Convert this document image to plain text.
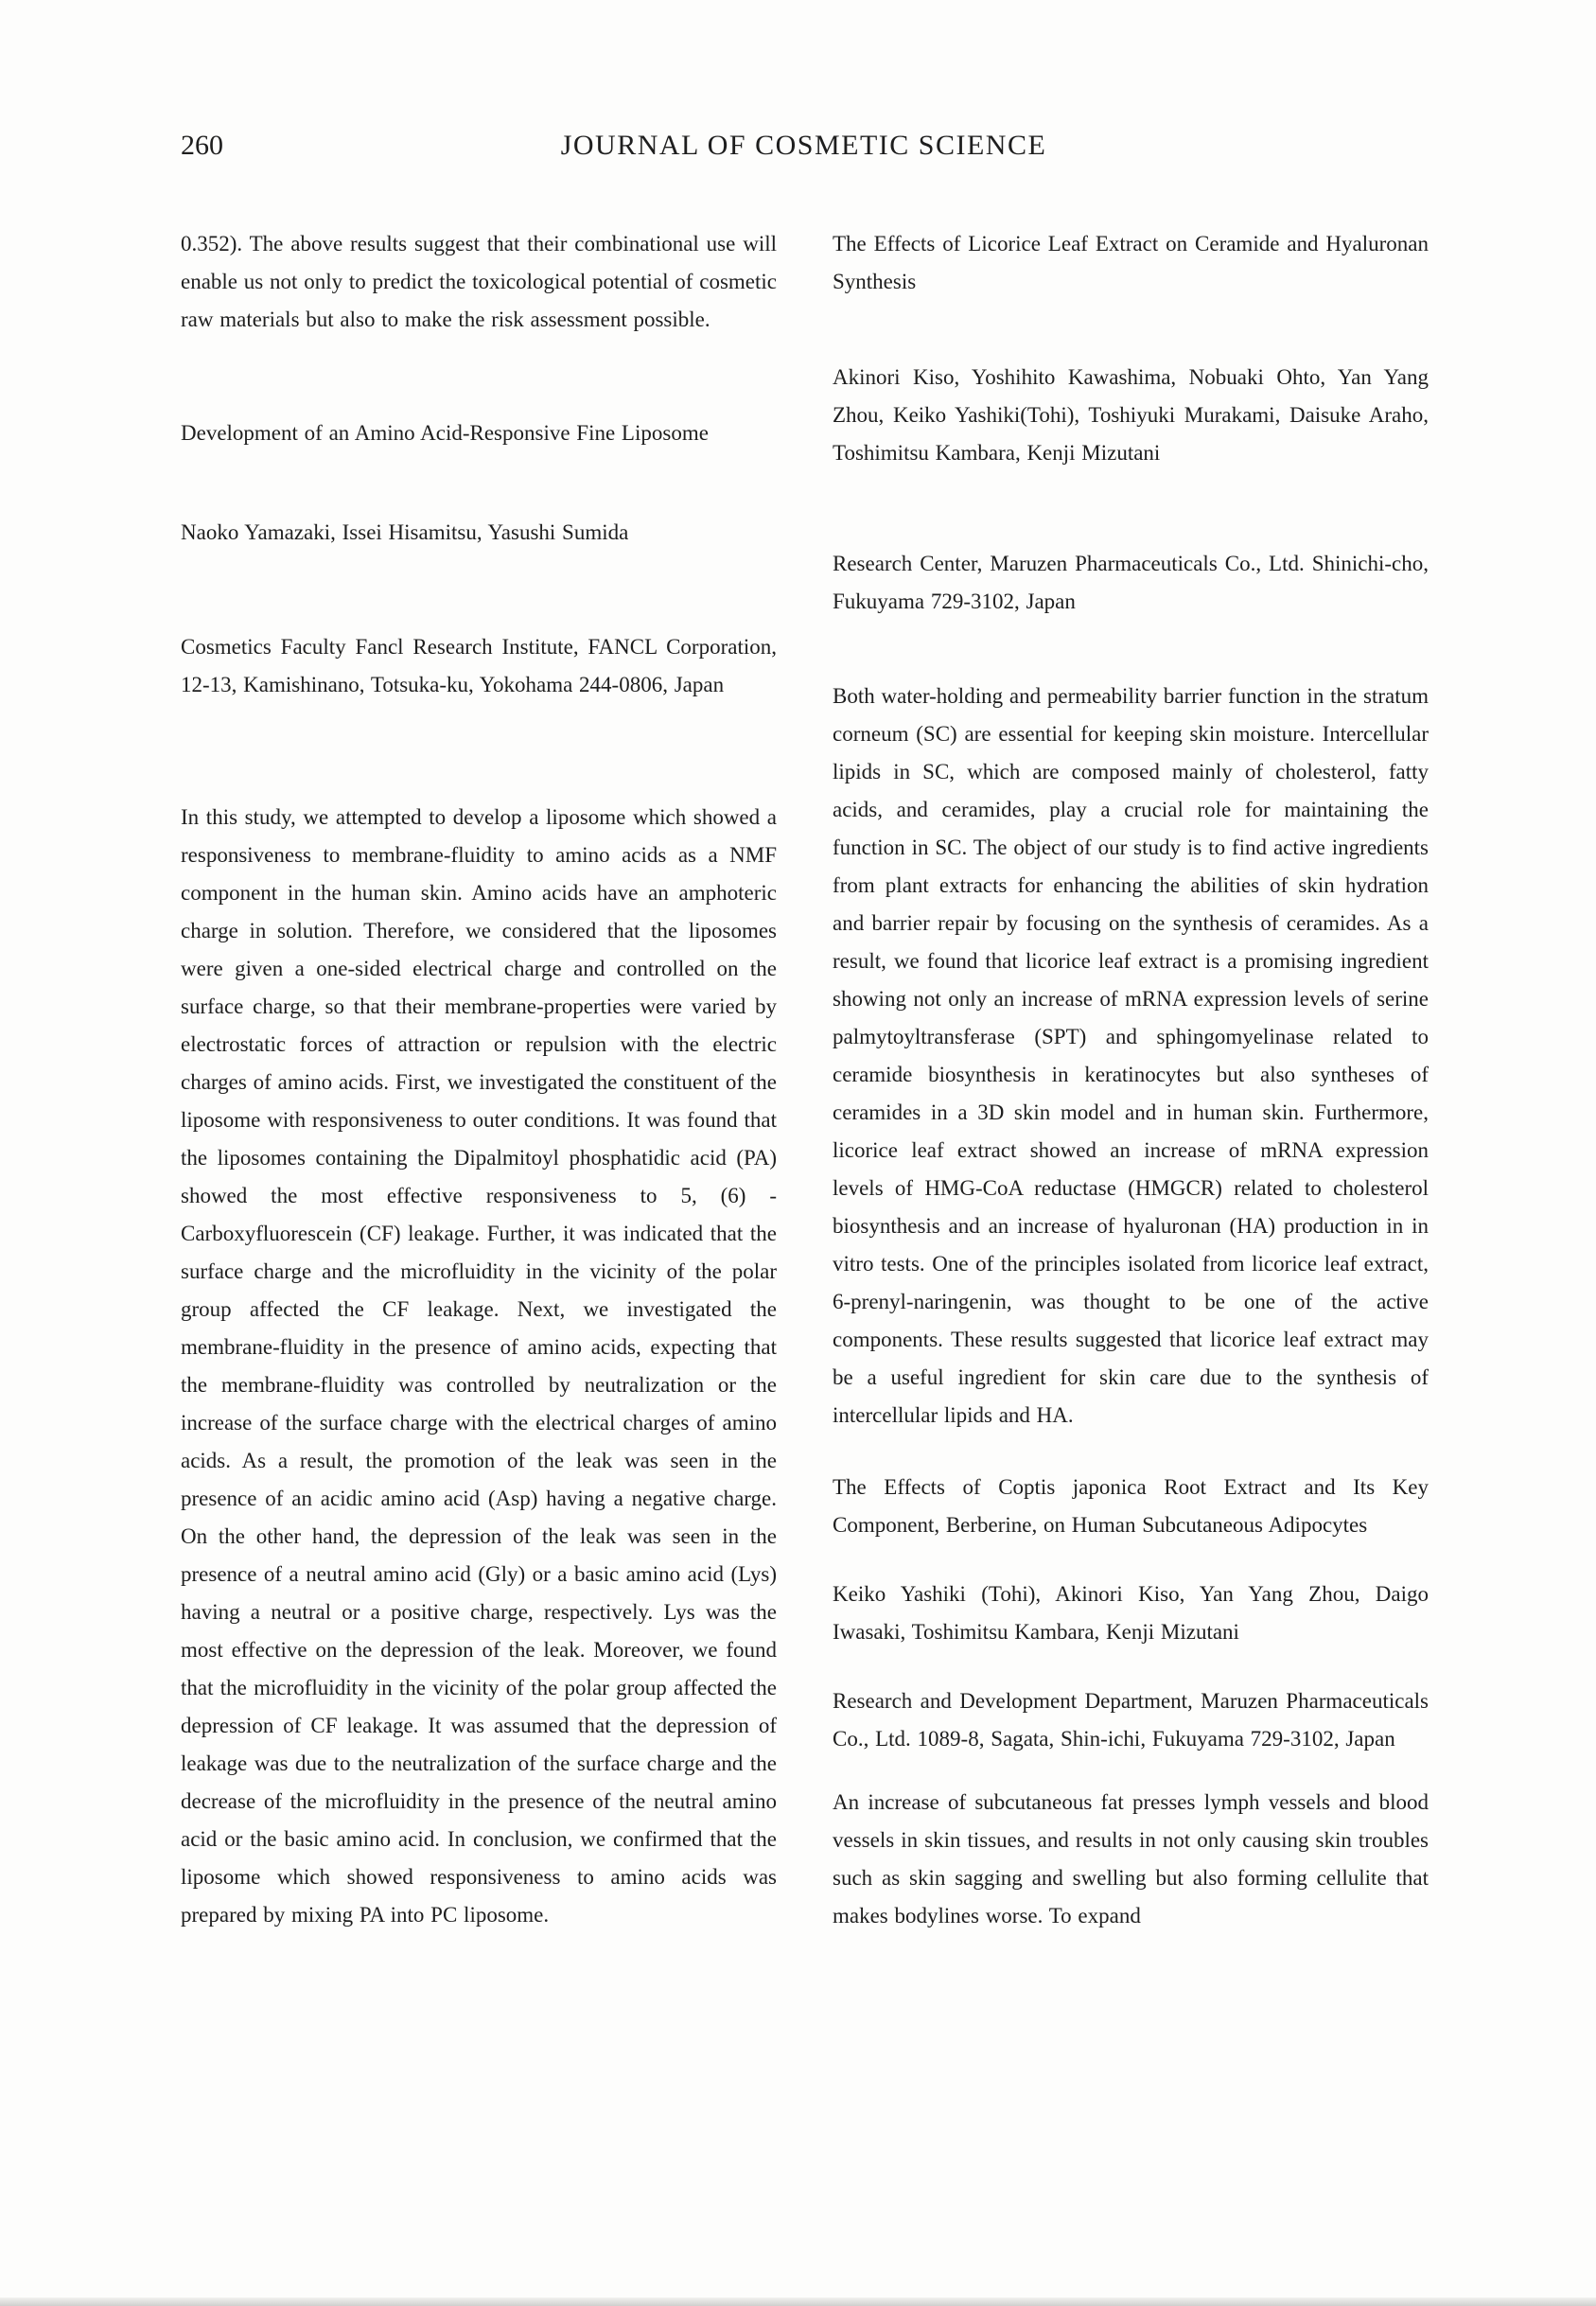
260	JOURNAL OF COSMETIC SCIENCE

0.352). The above results suggest that their combinational use will enable us not only to predict the toxicological potential of cosmetic raw materials but also to make the risk assessment possible.

Development of an Amino Acid-Responsive Fine Liposome

Naoko Yamazaki, Issei Hisamitsu, Yasushi Sumida

Cosmetics Faculty Fancl Research Institute, FANCL Corporation, 12-13, Kamishinano, Totsuka-ku, Yokohama 244-0806, Japan

In this study, we attempted to develop a liposome which showed a responsiveness to membrane-fluidity to amino acids as a NMF component in the human skin. Amino acids have an amphoteric charge in solution. Therefore, we considered that the liposomes were given a one-sided electrical charge and controlled on the surface charge, so that their membrane-properties were varied by electrostatic forces of attraction or repulsion with the electric charges of amino acids. First, we investigated the constituent of the liposome with responsiveness to outer conditions. It was found that the liposomes containing the Dipalmitoyl phosphatidic acid (PA) showed the most effective responsiveness to 5, (6) -Carboxyfluorescein (CF) leakage. Further, it was indicated that the surface charge and the microfluidity in the vicinity of the polar group affected the CF leakage. Next, we investigated the membrane-fluidity in the presence of amino acids, expecting that the membrane-fluidity was controlled by neutralization or the increase of the surface charge with the electrical charges of amino acids. As a result, the promotion of the leak was seen in the presence of an acidic amino acid (Asp) having a negative charge. On the other hand, the depression of the leak was seen in the presence of a neutral amino acid (Gly) or a basic amino acid (Lys) having a neutral or a positive charge, respectively. Lys was the most effective on the depression of the leak. Moreover, we found that the microfluidity in the vicinity of the polar group affected the depression of CF leakage. It was assumed that the depression of leakage was due to the neutralization of the surface charge and the decrease of the microfluidity in the presence of the neutral amino acid or the basic amino acid. In conclusion, we confirmed that the liposome which showed responsiveness to amino acids was prepared by mixing PA into PC liposome.

The Effects of Licorice Leaf Extract on Ceramide and Hyaluronan Synthesis

Akinori Kiso, Yoshihito Kawashima, Nobuaki Ohto, Yan Yang Zhou, Keiko Yashiki(Tohi), Toshiyuki Murakami, Daisuke Araho, Toshimitsu Kambara, Kenji Mizutani

Research Center, Maruzen Pharmaceuticals Co., Ltd. Shinichi-cho, Fukuyama 729-3102, Japan

Both water-holding and permeability barrier function in the stratum corneum (SC) are essential for keeping skin moisture. Intercellular lipids in SC, which are composed mainly of cholesterol, fatty acids, and ceramides, play a crucial role for maintaining the function in SC. The object of our study is to find active ingredients from plant extracts for enhancing the abilities of skin hydration and barrier repair by focusing on the synthesis of ceramides. As a result, we found that licorice leaf extract is a promising ingredient showing not only an increase of mRNA expression levels of serine palmytoyltransferase (SPT) and sphingomyelinase related to ceramide biosynthesis in keratinocytes but also syntheses of ceramides in a 3D skin model and in human skin. Furthermore, licorice leaf extract showed an increase of mRNA expression levels of HMG-CoA reductase (HMGCR) related to cholesterol biosynthesis and an increase of hyaluronan (HA) production in in vitro tests. One of the principles isolated from licorice leaf extract, 6-prenyl-naringenin, was thought to be one of the active components. These results suggested that licorice leaf extract may be a useful ingredient for skin care due to the synthesis of intercellular lipids and HA.

The Effects of Coptis japonica Root Extract and Its Key Component, Berberine, on Human Subcutaneous Adipocytes

Keiko Yashiki (Tohi), Akinori Kiso, Yan Yang Zhou, Daigo Iwasaki, Toshimitsu Kambara, Kenji Mizutani

Research and Development Department, Maruzen Pharmaceuticals Co., Ltd. 1089-8, Sagata, Shin-ichi, Fukuyama 729-3102, Japan

An increase of subcutaneous fat presses lymph vessels and blood vessels in skin tissues, and results in not only causing skin troubles such as skin sagging and swelling but also forming cellulite that makes bodylines worse. To expand
